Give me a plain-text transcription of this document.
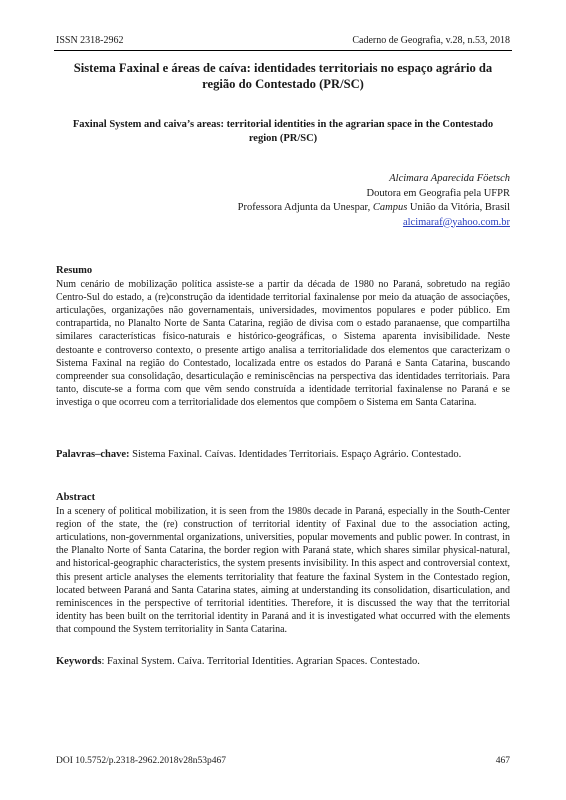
ISSN 2318-2962	Caderno de Geografia, v.28, n.53, 2018
Sistema Faxinal e áreas de caíva: identidades territoriais no espaço agrário da região do Contestado (PR/SC)
Faxinal System and caiva’s areas: territorial identities in the agrarian space in the Contestado region (PR/SC)
Alcimara Aparecida Föetsch
Doutora em Geografia pela UFPR
Professora Adjunta da Unespar, Campus União da Vitória, Brasil
alcimaraf@yahoo.com.br
Resumo

Num cenário de mobilização política assiste-se a partir da década de 1980 no Paraná, sobretudo na região Centro-Sul do estado, a (re)construção da identidade territorial faxinalense por meio da atuação de associações, articulações, organizações não governamentais, universidades, movimentos populares e poder público. Em contrapartida, no Planalto Norte de Santa Catarina, região de divisa com o estado paranaense, que compartilha similares características físico-naturais e histórico-geográficas, o Sistema aparenta invisibilidade. Neste destoante e controverso contexto, o presente artigo analisa a territorialidade dos elementos que caracterizam o Sistema Faxinal na região do Contestado, localizada entre os estados do Paraná e Santa Catarina, buscando compreender sua consolidação, desarticulação e reminiscências na perspectiva das identidades territoriais. Para tanto, discute-se a forma com que vêm sendo construída a identidade territorial faxinalense no Paraná e se investiga o que ocorreu com a territorialidade dos elementos que compõem o Sistema em Santa Catarina.

Palavras–chave: Sistema Faxinal. Caívas. Identidades Territoriais. Espaço Agrário. Contestado.
Abstract

In a scenery of political mobilization, it is seen from the 1980s decade in Paraná, especially in the South-Center region of the state, the (re) construction of territorial identity of Faxinal due to the association acting, articulations, non-governmental organizations, universities, popular movements and public power. In contrast, in the Planalto Norte of Santa Catarina, the border region with Paraná state, which shares similar physical-natural, and historical-geographic characteristics, the system presents invisibility. In this aspect and controversial context, this present article analyses the elements territoriality that feature the faxinal System in the Contestado region, located between Paraná and Santa Catarina states, aiming at understanding its consolidation, disarticulation, and reminiscences in the perspective of territorial identities. Therefore, it is discussed the way that the territorial identity has been built on the territorial identity in Paraná and it is investigated what occurred with the elements that compound the System territoriality in Santa Catarina.

Keywords: Faxinal System. Caíva. Territorial Identities. Agrarian Spaces. Contestado.
DOI 10.5752/p.2318-2962.2018v28n53p467	467
